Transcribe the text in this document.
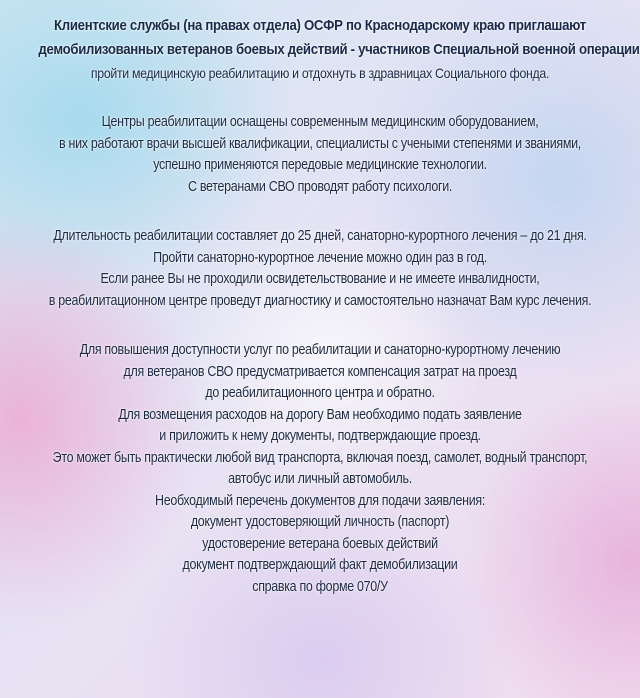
Клиентские службы (на правах отдела) ОСФР по Краснодарскому краю приглашают

демобилизованных ветеранов боевых действий - участников Специальной военной операции

пройти медицинскую реабилитацию и отдохнуть в здравницах Социального фонда.

Центры реабилитации оснащены современным медицинским оборудованием,

в них работают врачи высшей квалификации, специалисты с учеными степенями и званиями,

успешно применяются передовые медицинские технологии.

С ветеранами СВО проводят работу психологи.

Длительность реабилитации составляет до 25 дней, санаторно-курортного лечения – до 21 дня.

Пройти санаторно-курортное лечение можно один раз в год.

Если ранее Вы не проходили освидетельствование и не имеете инвалидности,

в реабилитационном центре проведут диагностику и самостоятельно назначат Вам курс лечения.

Для повышения доступности услуг по реабилитации и санаторно-курортному лечению

для ветеранов СВО предусматривается компенсация затрат на проезд

до реабилитационного центра и обратно.

Для возмещения расходов на дорогу Вам необходимо подать заявление

и приложить к нему документы, подтверждающие проезд.

Это может быть практически любой вид транспорта, включая поезд, самолет, водный транспорт,

автобус или личный автомобиль.

Необходимый перечень документов для подачи заявления:

документ удостоверяющий личность (паспорт)

удостоверение ветерана боевых действий

документ подтверждающий факт демобилизации

справка по форме 070/У
